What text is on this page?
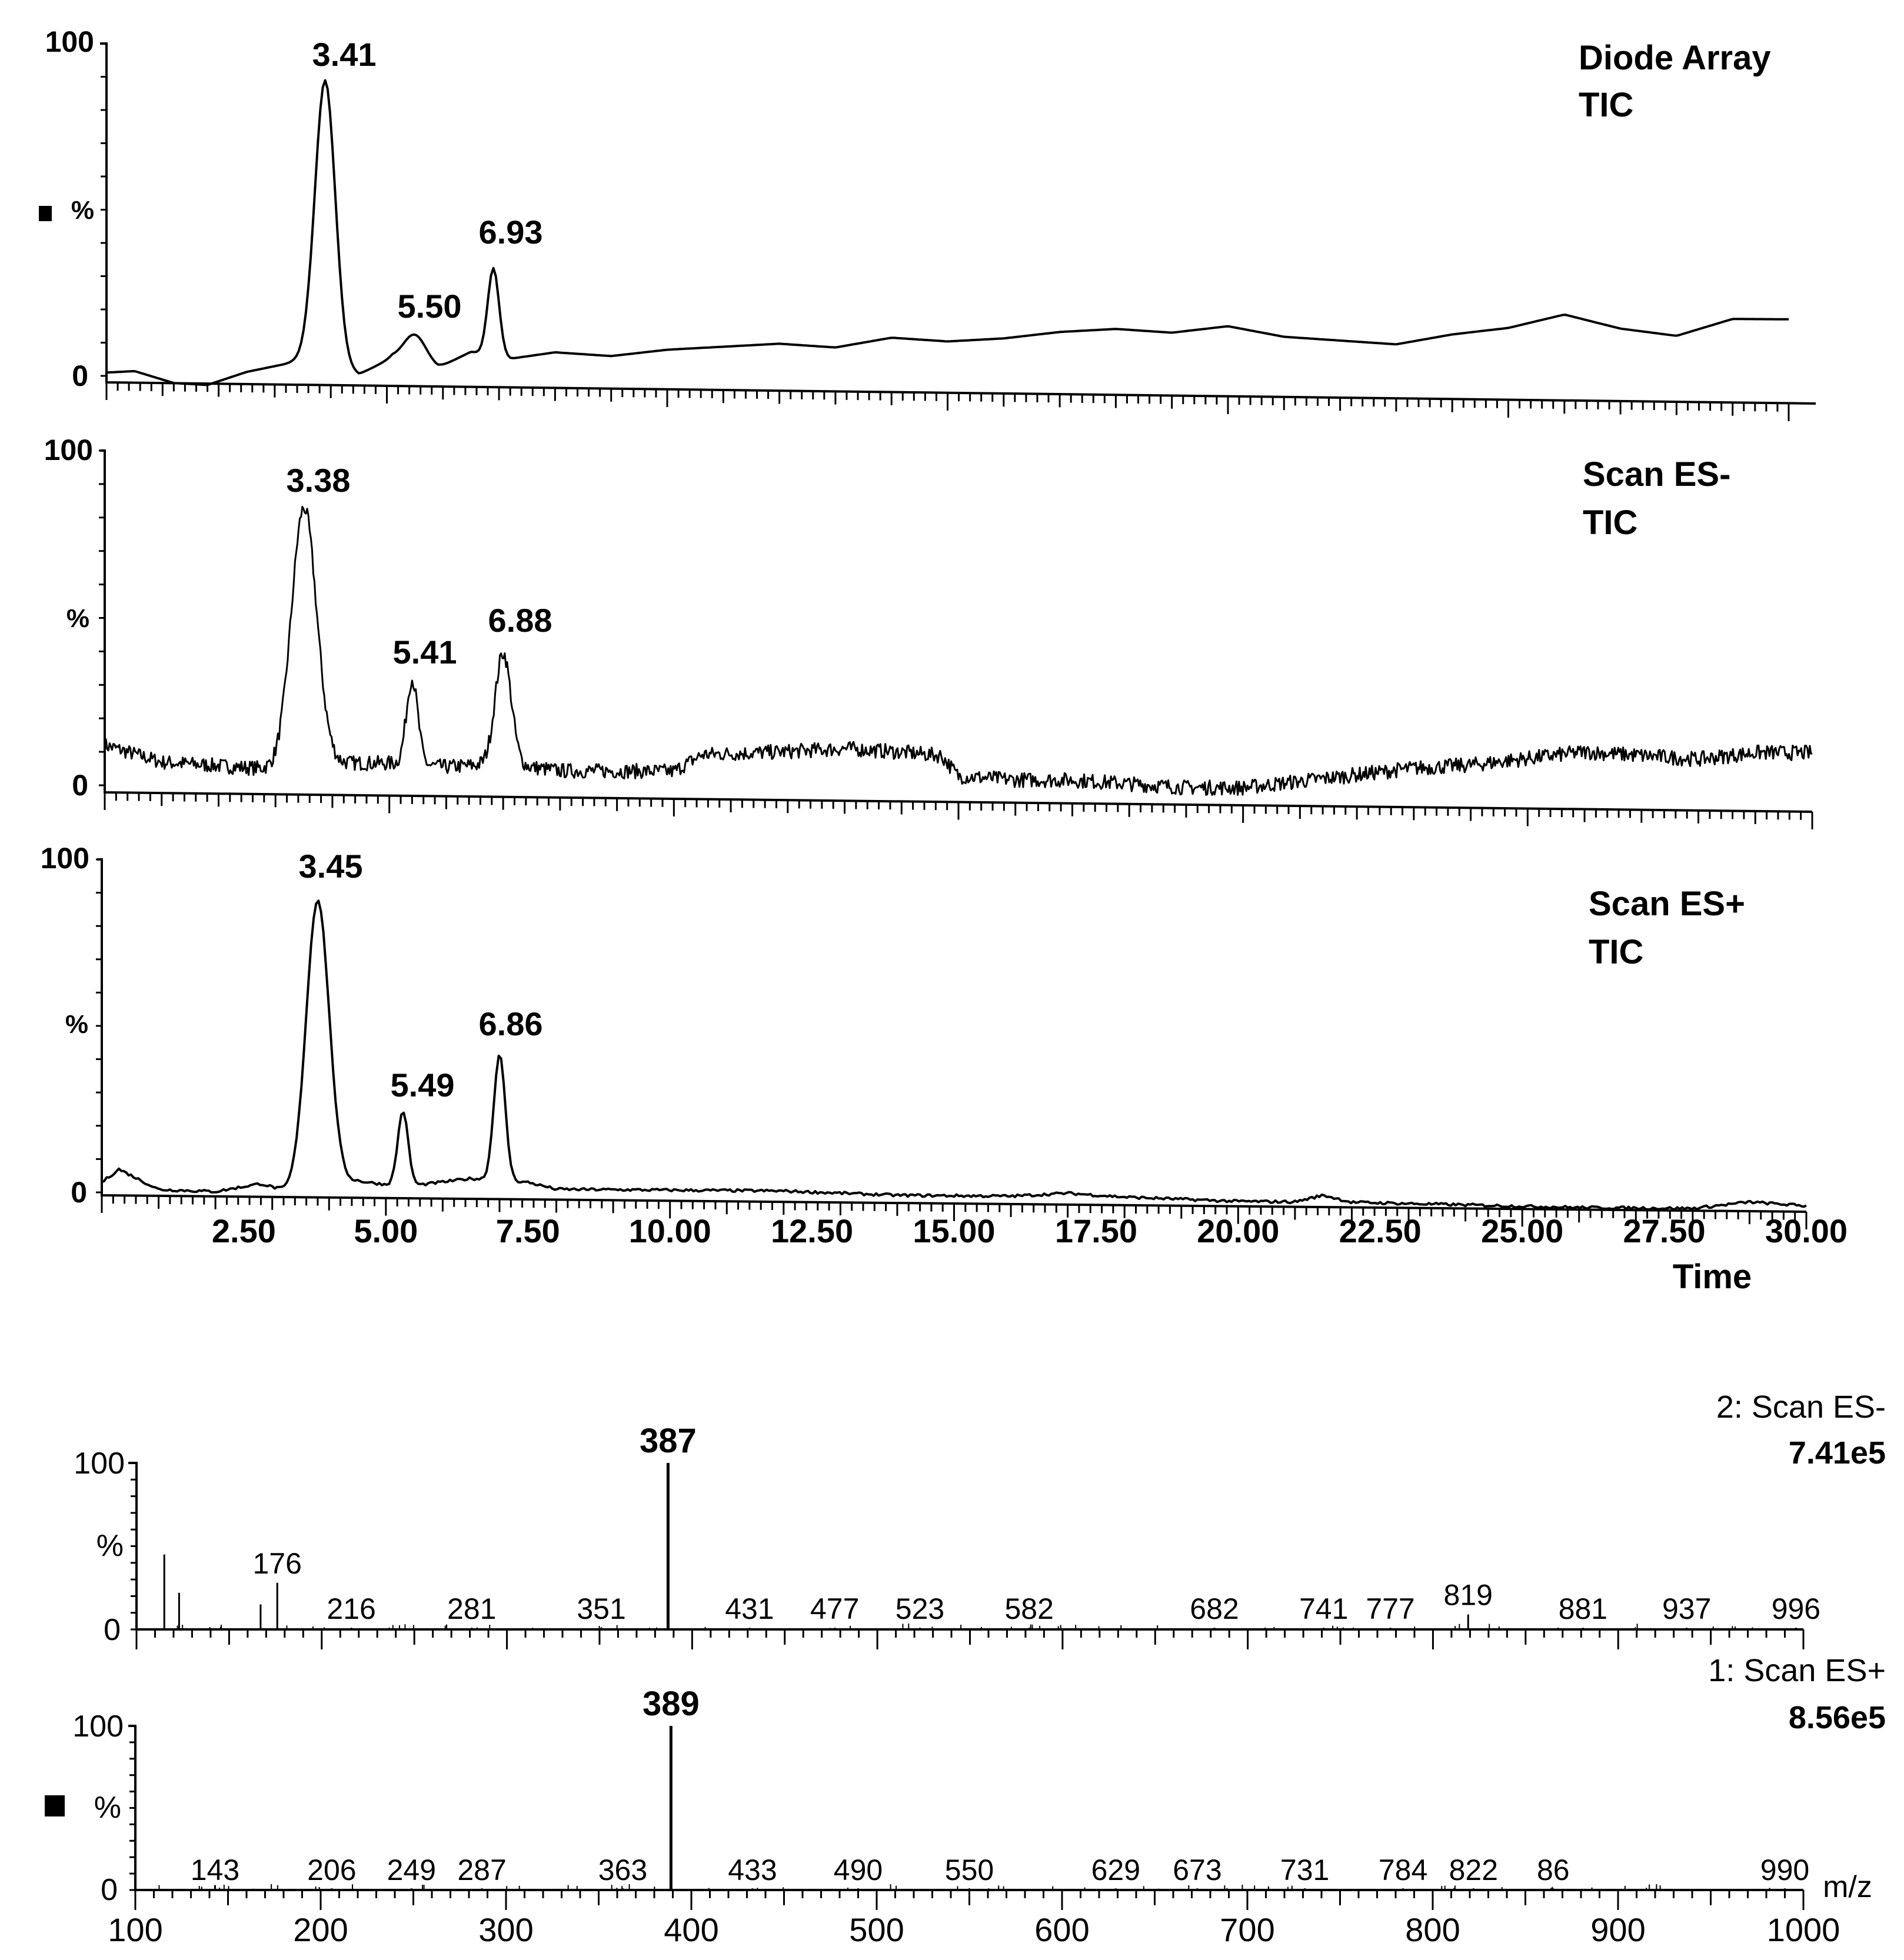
100
%
0
3.41
5.50
6.93
Diode Array
TIC
100
%
0
3.38
5.41
6.88
Scan ES-
TIC
100
%
0
3.45
5.49
6.86
Scan ES+
TIC
2.50 5.00 7.50 10.00 12.50 15.00 17.50 20.00 22.50 25.00 27.50 30.00
Time
176
216 281	351
387
431 477 523 582	682 741 777 819 881 937 996
100
%
0
2: Scan ES-
7.41e5
143 206 249 287	363
389
433 490 550	629 673 731 784 822 86	990
100
%
0
1: Scan ES+
8.56e5
100	200	300	400	500	600	700	800	900	1000
m/z
